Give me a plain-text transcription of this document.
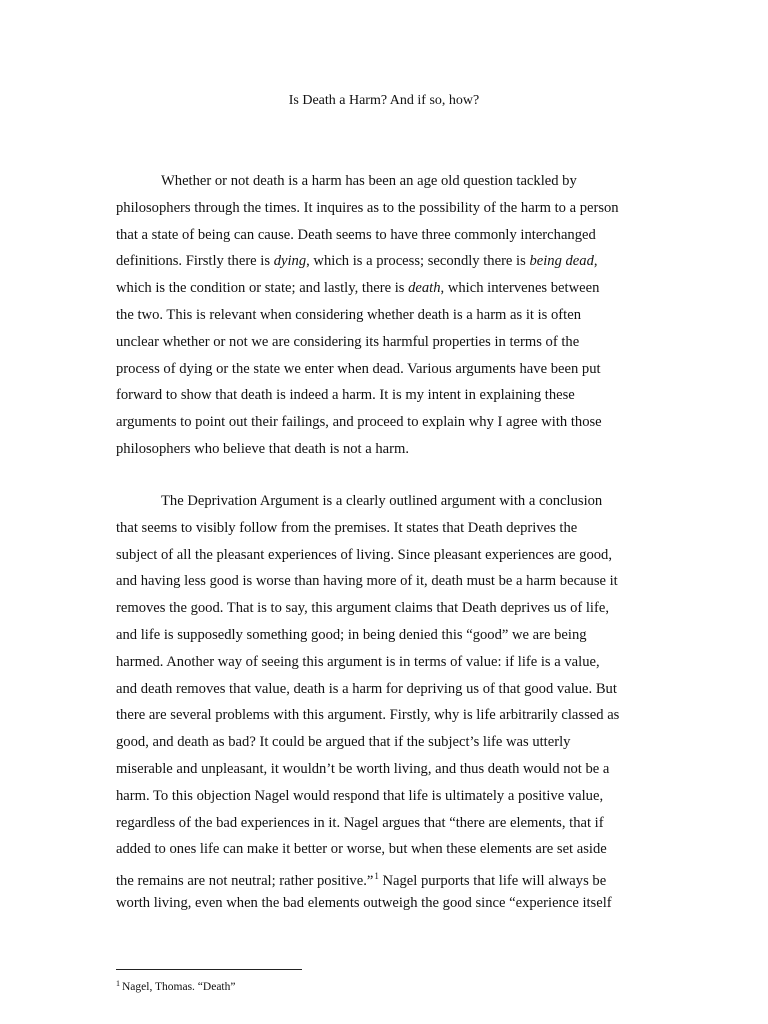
Is Death a Harm? And if so, how?
Whether or not death is a harm has been an age old question tackled by
philosophers through the times. It inquires as to the possibility of the harm to a person
that a state of being can cause. Death seems to have three commonly interchanged
definitions. Firstly there is dying, which is a process; secondly there is being dead,
which is the condition or state; and lastly, there is death, which intervenes between
the two. This is relevant when considering whether death is a harm as it is often
unclear whether or not we are considering its harmful properties in terms of the
process of dying or the state we enter when dead. Various arguments have been put
forward to show that death is indeed a harm. It is my intent in explaining these
arguments to point out their failings, and proceed to explain why I agree with those
philosophers who believe that death is not a harm.
The Deprivation Argument is a clearly outlined argument with a conclusion
that seems to visibly follow from the premises. It states that Death deprives the
subject of all the pleasant experiences of living. Since pleasant experiences are good,
and having less good is worse than having more of it, death must be a harm because it
removes the good. That is to say, this argument claims that Death deprives us of life,
and life is supposedly something good; in being denied this “good” we are being
harmed. Another way of seeing this argument is in terms of value: if life is a value,
and death removes that value, death is a harm for depriving us of that good value. But
there are several problems with this argument. Firstly, why is life arbitrarily classed as
good, and death as bad? It could be argued that if the subject’s life was utterly
miserable and unpleasant, it wouldn’t be worth living, and thus death would not be a
harm. To this objection Nagel would respond that life is ultimately a positive value,
regardless of the bad experiences in it. Nagel argues that “there are elements, that if
added to ones life can make it better or worse, but when these elements are set aside
the remains are not neutral; rather positive.”$^1$ Nagel purports that life will always be
worth living, even when the bad elements outweigh the good since “experience itself
$^1$ Nagel, Thomas. “Death”
